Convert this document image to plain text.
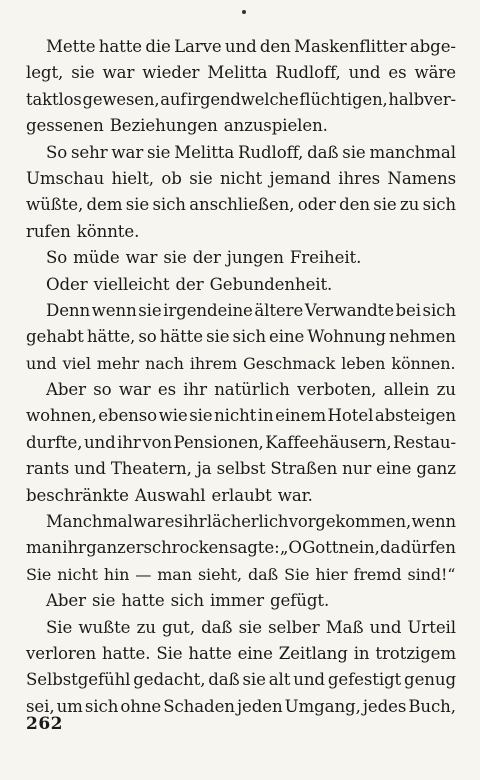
Mette hatte die Larve und den Maskenflitter abge-
legt, sie war wieder Melitta Rudloff, und es wäre
taktlos gewesen, auf irgendwelche flüchtigen, halbver-
gessenen Beziehungen anzuspielen.
So sehr war sie Melitta Rudloff, daß sie manchmal
Umschau hielt, ob sie nicht jemand ihres Namens
wüßte, dem sie sich anschließen, oder den sie zu sich
rufen könnte.
So müde war sie der jungen Freiheit.
Oder vielleicht der Gebundenheit.
Denn wenn sie irgendeine ältere Verwandte bei sich
gehabt hätte, so hätte sie sich eine Wohnung nehmen
und viel mehr nach ihrem Geschmack leben können.
Aber so war es ihr natürlich verboten, allein zu
wohnen, ebenso wie sie nicht in einem Hotel absteigen
durfte, und ihr von Pensionen, Kaffeehäusern, Restau-
rants und Theatern, ja selbst Straßen nur eine ganz
beschränkte Auswahl erlaubt war.
Manchmal war es ihr lächerlich vorgekommen, wenn
man ihr ganz erschrocken sagte: „O Gott nein, da dürfen
Sie nicht hin — man sieht, daß Sie hier fremd sind!“
Aber sie hatte sich immer gefügt.
Sie wußte zu gut, daß sie selber Maß und Urteil
verloren hatte. Sie hatte eine Zeitlang in trotzigem
Selbstgefühl gedacht, daß sie alt und gefestigt genug
sei, um sich ohne Schaden jeden Umgang, jedes Buch,
262
